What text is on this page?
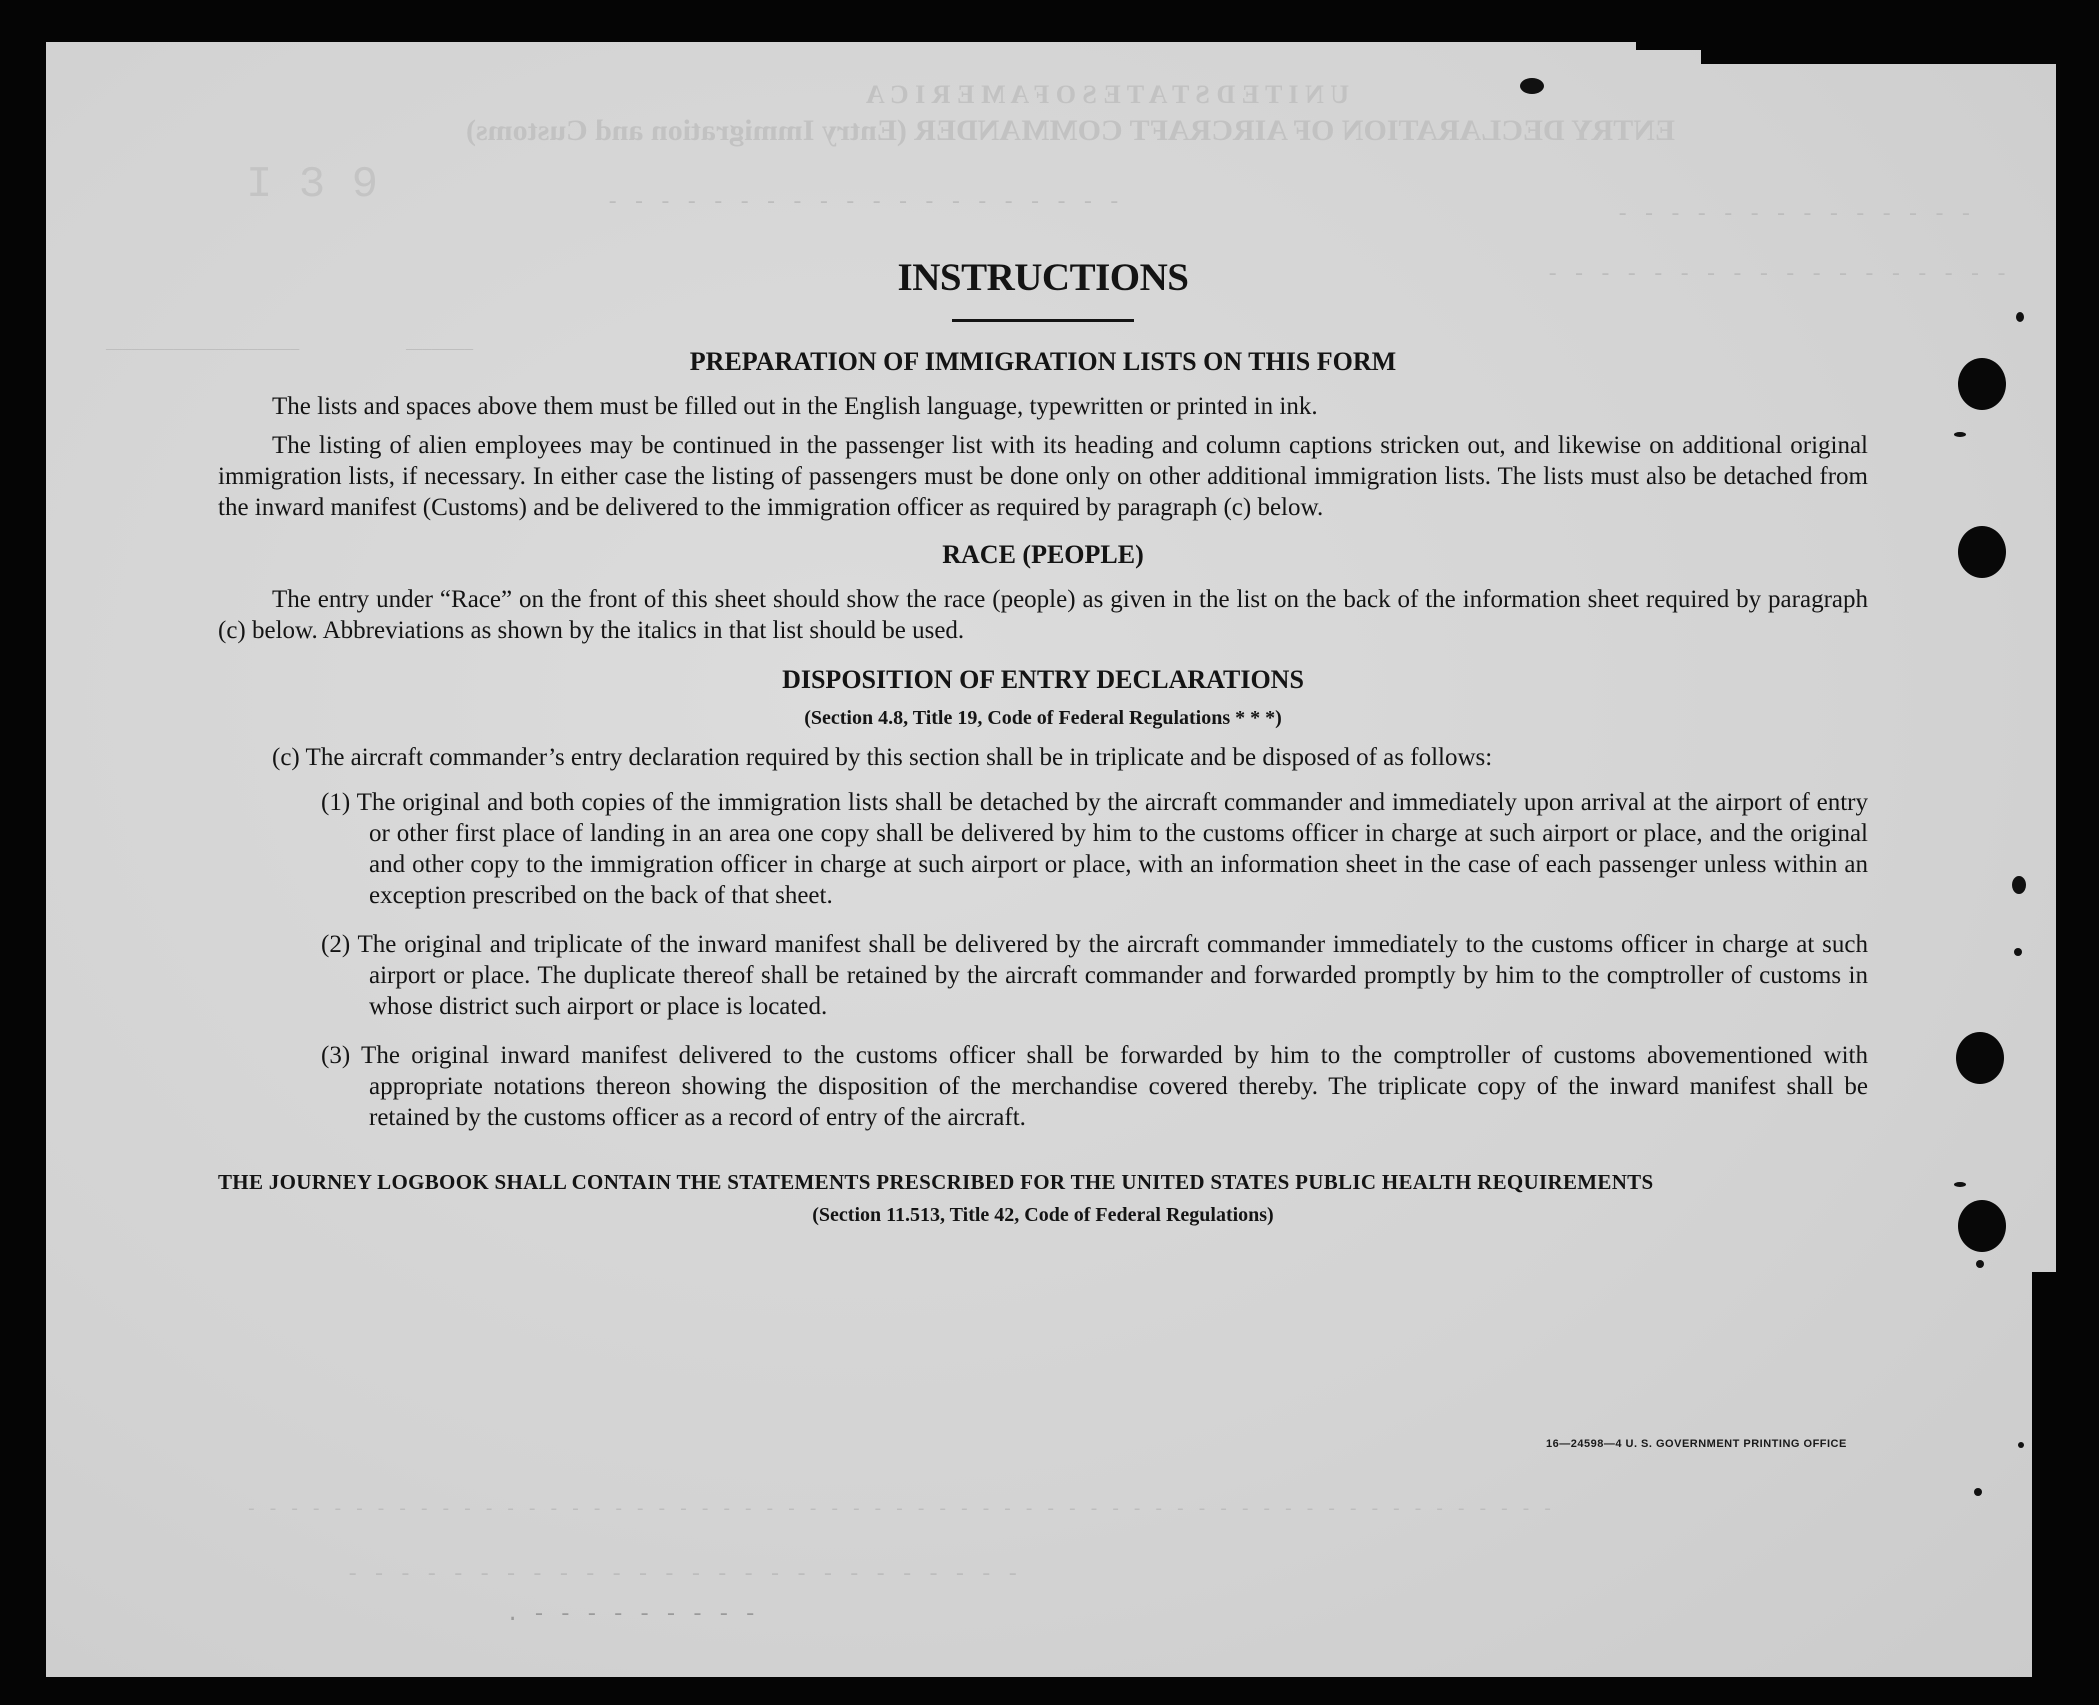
U N I T E D S T A T E S O F A M E R I C A
ENTRY DECLARATION OF AIRCRAFT COMMANDER (Entry Immigration and Customs)
I 3 9	- - - - - - - - - - - - - - - - - - - -	- - - - - - - - - - - - - -
- - - - - - - - - - - - - - - - - -
———————————————————————	————————
- - - - - - - - - - - - - - - - - - - - - - - - - - - - - - - - - - - - - - - - - - - - - - - - - - - - - - - - - - - - -
- - - - - - - - - - - - - - - - - - - - - - - - - -
. - - - - - - - - -
16—24598—4 U. S. GOVERNMENT PRINTING OFFICE
INSTRUCTIONS
PREPARATION OF IMMIGRATION LISTS ON THIS FORM

The lists and spaces above them must be filled out in the English language, typewritten or printed in ink.

The listing of alien employees may be continued in the passenger list with its heading and column captions stricken out, and likewise on additional original immigration lists, if necessary. In either case the listing of passengers must be done only on other additional immigration lists. The lists must also be detached from the inward manifest (Customs) and be delivered to the immigration officer as required by paragraph (c) below.

RACE (PEOPLE)

The entry under “Race” on the front of this sheet should show the race (people) as given in the list on the back of the information sheet required by paragraph (c) below. Abbreviations as shown by the italics in that list should be used.

DISPOSITION OF ENTRY DECLARATIONS
(Section 4.8, Title 19, Code of Federal Regulations * * *)

(c) The aircraft commander’s entry declaration required by this section shall be in triplicate and be disposed of as follows:

(1) The original and both copies of the immigration lists shall be detached by the aircraft commander and immediately upon arrival at the airport of entry or other first place of landing in an area one copy shall be delivered by him to the customs officer in charge at such airport or place, and the original and other copy to the immigration officer in charge at such airport or place, with an information sheet in the case of each passenger unless within an exception prescribed on the back of that sheet.
(2) The original and triplicate of the inward manifest shall be delivered by the aircraft commander immediately to the customs officer in charge at such airport or place. The duplicate thereof shall be retained by the aircraft commander and forwarded promptly by him to the comptroller of customs in whose district such airport or place is located.
(3) The original inward manifest delivered to the customs officer shall be forwarded by him to the comptroller of customs abovementioned with appropriate notations thereon showing the disposition of the merchandise covered thereby. The triplicate copy of the inward manifest shall be retained by the customs officer as a record of entry of the aircraft.
THE JOURNEY LOGBOOK SHALL CONTAIN THE STATEMENTS PRESCRIBED FOR THE UNITED STATES PUBLIC HEALTH REQUIREMENTS
(Section 11.513, Title 42, Code of Federal Regulations)
